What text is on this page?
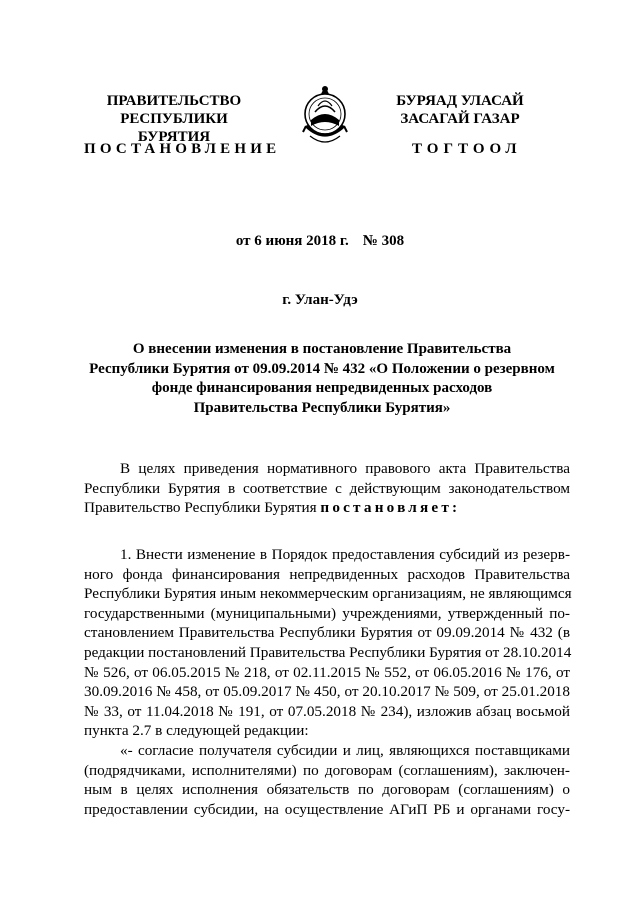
ПРАВИТЕЛЬСТВО
РЕСПУБЛИКИ БУРЯТИЯ
БУРЯАД УЛАСАЙ
ЗАСАГАЙ ГАЗАР
ПОСТАНОВЛЕНИЕ	ТОГТООЛ
от 6 июня 2018 г. № 308
г. Улан-Удэ
О внесении изменения в постановление Правительства
Республики Бурятия от 09.09.2014 № 432 «О Положении о резервном
фонде финансирования непредвиденных расходов
Правительства Республики Бурятия»
В целях приведения нормативного правового акта Правительства
Республики Бурятия в соответствие с действующим законодательством
Правительство Республики Бурятия постановляет:
1. Внести изменение в Порядок предоставления субсидий из резерв-
ного фонда финансирования непредвиденных расходов Правительства
Республики Бурятия иным некоммерческим организациям, не являющимся
государственными (муниципальными) учреждениями, утвержденный по-
становлением Правительства Республики Бурятия от 09.09.2014 № 432 (в
редакции постановлений Правительства Республики Бурятия от 28.10.2014
№ 526, от 06.05.2015 № 218, от 02.11.2015 № 552, от 06.05.2016 № 176, от
30.09.2016 № 458, от 05.09.2017 № 450, от 20.10.2017 № 509, от 25.01.2018
№ 33, от 11.04.2018 № 191, от 07.05.2018 № 234), изложив абзац восьмой
пункта 2.7 в следующей редакции:
«- согласие получателя субсидии и лиц, являющихся поставщиками
(подрядчиками, исполнителями) по договорам (соглашениям), заключен-
ным в целях исполнения обязательств по договорам (соглашениям) о
предоставлении субсидии, на осуществление АГиП РБ и органами госу-
